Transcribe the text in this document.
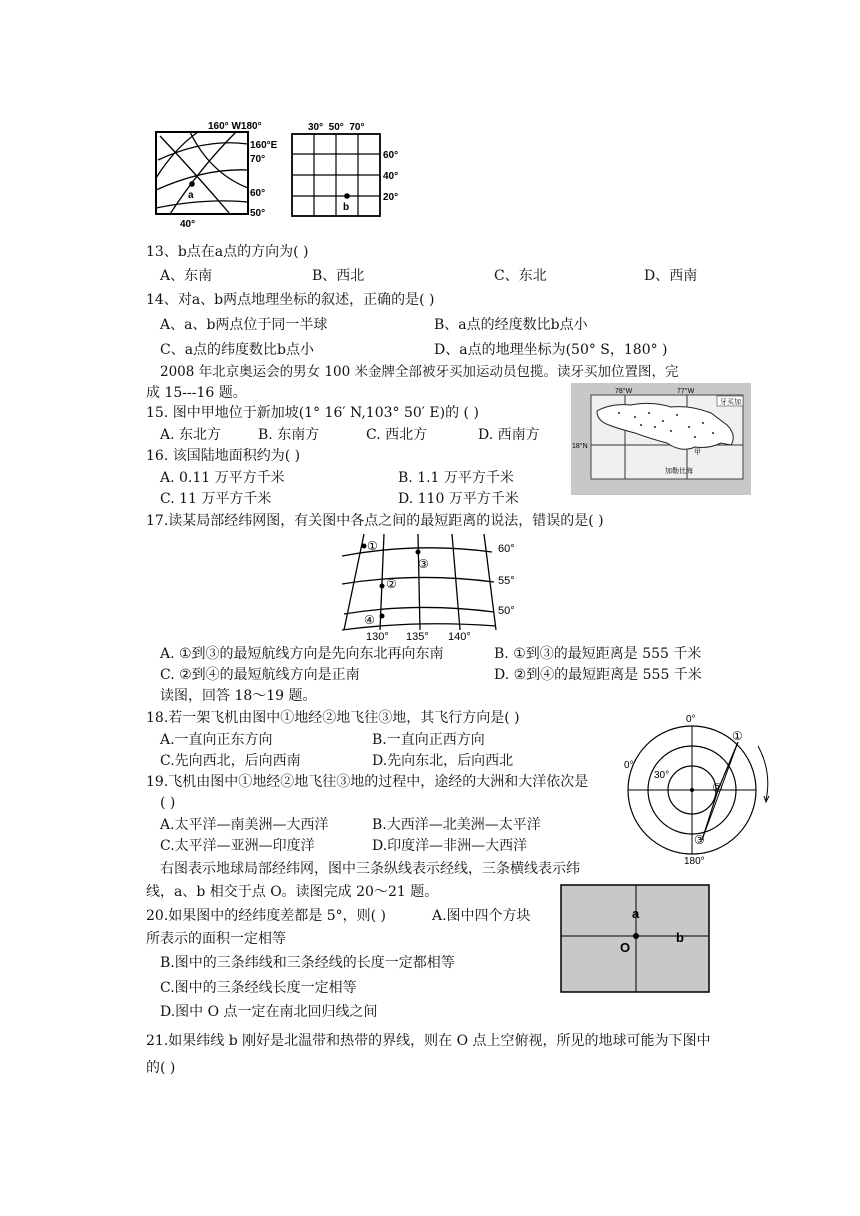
a
160° W180°
160°E
70°
60°
50°
40°
b
30°  50°  70°
60°
40°
20°
13、b点在a点的方向为( )
A、东南	B、西北	C、东北	D、西南
14、对a、b两点地理坐标的叙述，正确的是( )
A、a、b两点位于同一半球	B、a点的经度数比b点小
C、a点的纬度数比b点小	D、a点的地理坐标为(50° S，180° )
2008 年北京奥运会的男女 100 米金牌全部被牙买加运动员包揽。读牙买加位置图，完
成 15---16 题。
15. 图中甲地位于新加坡(1° 16′ N,103° 50′ E)的 ( )
A. 东北方	B. 东南方	C. 西北方	D. 西南方
16. 该国陆地面积约为( )
A. 0.11 万平方千米	B. 1.1 万平方千米
C. 11 万平方千米	D. 110 万平方千米
牙买加
78°W	77°W
18°N
甲
加勒比海
17.读某局部经纬网图，有关图中各点之间的最短距离的说法，错误的是( )
①
③
②
④
60°
55°
50°
130° 135° 140°
A. ①到③的最短航线方向是先向东北再向东南	B. ①到③的最短距离是 555 千米
C. ②到④的最短航线方向是正南	D. ②到④的最短距离是 555 千米
读图，回答 18～19 题。
18.若一架飞机由图中①地经②地飞往③地，其飞行方向是( )
A.一直向正东方向	B.一直向正西方向
C.先向西北，后向西南	D.先向东北，后向西北
19.飞机由图中①地经②地飞往③地的过程中，途经的大洲和大洋依次是
( )
A.太平洋—南美洲—大西洋	B.大西洋—北美洲—太平洋
C.太平洋—亚洲—印度洋	D.印度洋—非洲—大西洋
0°
0°
30°
180°
①
②
③
右图表示地球局部经纬网，图中三条纵线表示经线，三条横线表示纬
线，a、b 相交于点 O。读图完成 20～21 题。
20.如果图中的经纬度差都是 5°，则( )	A.图中四个方块
所表示的面积一定相等
B.图中的三条纬线和三条经线的长度一定都相等
C.图中的三条经线长度一定相等
D.图中 O 点一定在南北回归线之间
a
b
O
21.如果纬线 b 刚好是北温带和热带的界线，则在 O 点上空俯视，所见的地球可能为下图中
的( )
